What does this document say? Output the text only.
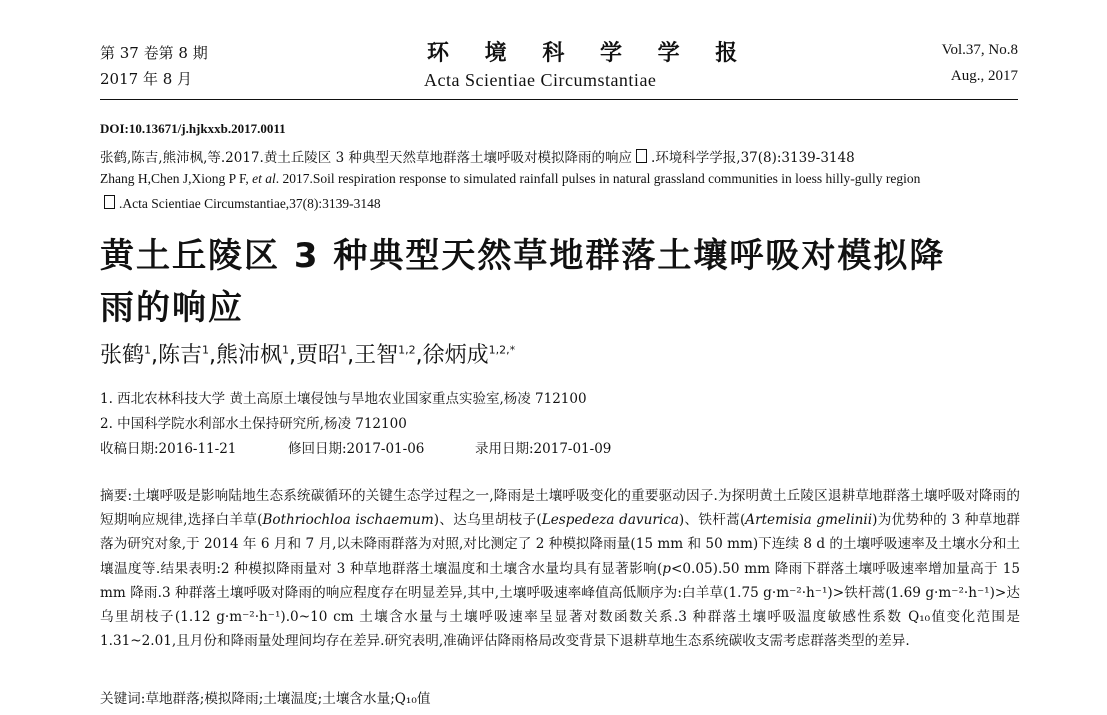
第 37 卷第 8 期
2017 年 8 月
环 境 科 学 学 报
Acta Scientiae Circumstantiae
Vol.37, No.8
Aug., 2017
DOI:10.13671/j.hjkxxb.2017.0011
张鹤,陈吉,熊沛枫,等.2017.黄土丘陵区 3 种典型天然草地群落土壤呼吸对模拟降雨的响应 .环境科学学报,37(8):3139-3148
Zhang H,Chen J,Xiong P F, et al. 2017.Soil respiration response to simulated rainfall pulses in natural grassland communities in loess hilly-gully region
.Acta Scientiae Circumstantiae,37(8):3139-3148
黄土丘陵区 3 种典型天然草地群落土壤呼吸对模拟降
雨的响应
张鹤$^1$,陈吉$^1$,熊沛枫$^1$,贾昭$^1$,王智$^{1,2}$,徐炳成$^{1,2,*}$
1. 西北农林科技大学 黄土高原土壤侵蚀与旱地农业国家重点实验室,杨凌 712100
2. 中国科学院水利部水土保持研究所,杨凌 712100
收稿日期:2016-11-21	修回日期:2017-01-06	录用日期:2017-01-09
摘要:土壤呼吸是影响陆地生态系统碳循环的关键生态学过程之一,降雨是土壤呼吸变化的重要驱动因子.为探明黄土丘陵区退耕草地群落土壤呼吸对降雨的短期响应规律,选择白羊草(Bothriochloa ischaemum)、达乌里胡枝子(Lespedeza davurica)、铁杆蒿(Artemisia gmelinii)为优势种的 3 种草地群落为研究对象,于 2014 年 6 月和 7 月,以未降雨群落为对照,对比测定了 2 种模拟降雨量(15 mm 和 50 mm)下连续 8 d 的土壤呼吸速率及土壤水分和土壤温度等.结果表明:2 种模拟降雨量对 3 种草地群落土壤温度和土壤含水量均具有显著影响(p<0.05).50 mm 降雨下群落土壤呼吸速率增加量高于 15 mm 降雨.3 种群落土壤呼吸对降雨的响应程度存在明显差异,其中,土壤呼吸速率峰值高低顺序为:白羊草(1.75 g·m⁻²·h⁻¹)>铁杆蒿(1.69 g·m⁻²·h⁻¹)>达乌里胡枝子(1.12 g·m⁻²·h⁻¹).0~10 cm 土壤含水量与土壤呼吸速率呈显著对数函数关系.3 种群落土壤呼吸温度敏感性系数 Q₁₀值变化范围是 1.31~2.01,且月份和降雨量处理间均存在差异.研究表明,准确评估降雨格局改变背景下退耕草地生态系统碳收支需考虑群落类型的差异.
关键词:草地群落;模拟降雨;土壤温度;土壤含水量;Q₁₀值
